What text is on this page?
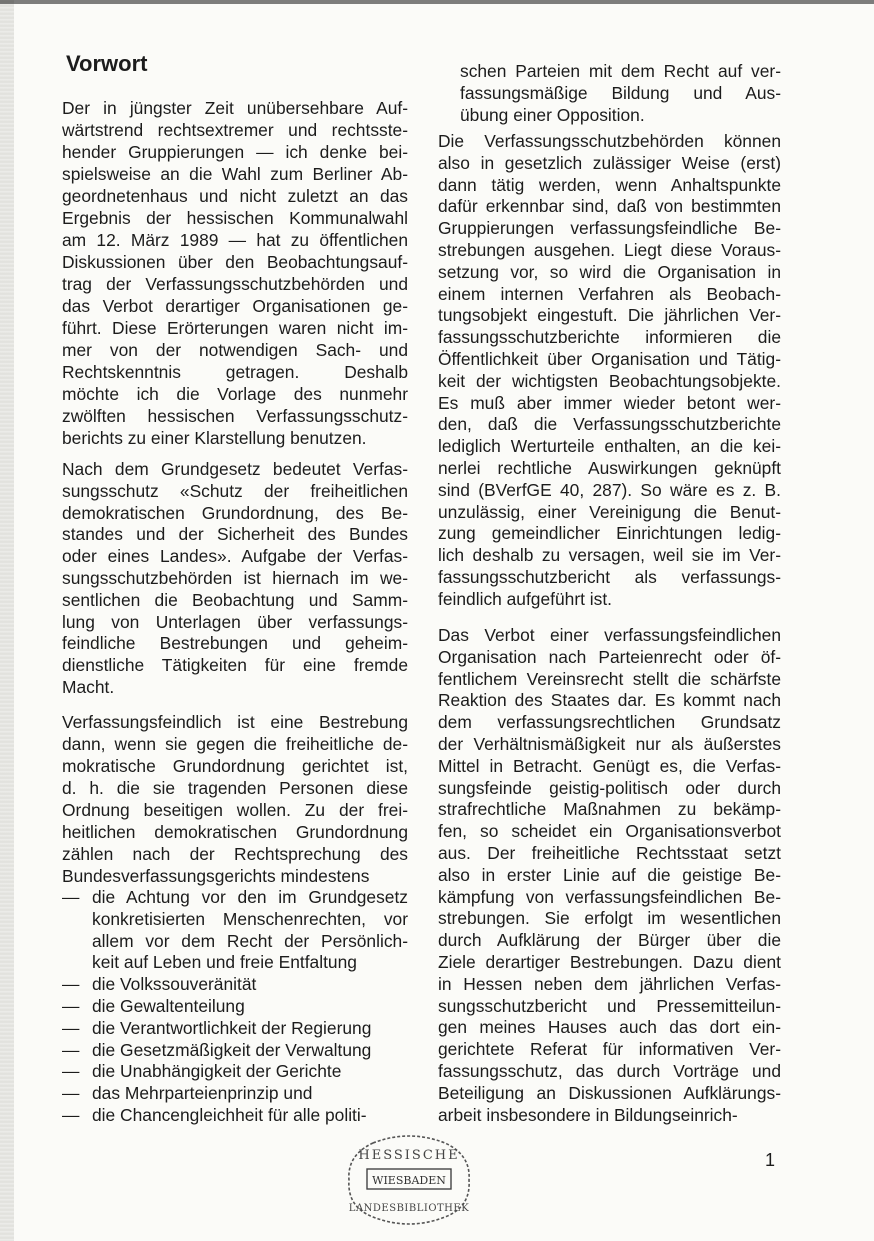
Vorwort
Der in jüngster Zeit unübersehbare Auf-
wärtstrend rechtsextremer und rechtsste-
hender Gruppierungen — ich denke bei-
spielsweise an die Wahl zum Berliner Ab-
geordnetenhaus und nicht zuletzt an das
Ergebnis der hessischen Kommunalwahl
am 12. März 1989 — hat zu öffentlichen
Diskussionen über den Beobachtungsauf-
trag der Verfassungsschutzbehörden und
das Verbot derartiger Organisationen ge-
führt. Diese Erörterungen waren nicht im-
mer von der notwendigen Sach- und
Rechtskenntnis getragen. Deshalb
möchte ich die Vorlage des nunmehr
zwölften hessischen Verfassungsschutz-
berichts zu einer Klarstellung benutzen.
Nach dem Grundgesetz bedeutet Verfas-
sungsschutz «Schutz der freiheitlichen
demokratischen Grundordnung, des Be-
standes und der Sicherheit des Bundes
oder eines Landes». Aufgabe der Verfas-
sungsschutzbehörden ist hiernach im we-
sentlichen die Beobachtung und Samm-
lung von Unterlagen über verfassungs-
feindliche Bestrebungen und geheim-
dienstliche Tätigkeiten für eine fremde
Macht.
Verfassungsfeindlich ist eine Bestrebung
dann, wenn sie gegen die freiheitliche de-
mokratische Grundordnung gerichtet ist,
d. h. die sie tragenden Personen diese
Ordnung beseitigen wollen. Zu der frei-
heitlichen demokratischen Grundordnung
zählen nach der Rechtsprechung des
Bundesverfassungsgerichts mindestens
— die Achtung vor den im Grundgesetz
konkretisierten Menschenrechten, vor
allem vor dem Recht der Persönlich-
keit auf Leben und freie Entfaltung
— die Volkssouveränität
— die Gewaltenteilung
— die Verantwortlichkeit der Regierung
— die Gesetzmäßigkeit der Verwaltung
— die Unabhängigkeit der Gerichte
— das Mehrparteienprinzip und
— die Chancengleichheit für alle politi-
schen Parteien mit dem Recht auf ver-
fassungsmäßige Bildung und Aus-
übung einer Opposition.
Die Verfassungsschutzbehörden können
also in gesetzlich zulässiger Weise (erst)
dann tätig werden, wenn Anhaltspunkte
dafür erkennbar sind, daß von bestimmten
Gruppierungen verfassungsfeindliche Be-
strebungen ausgehen. Liegt diese Voraus-
setzung vor, so wird die Organisation in
einem internen Verfahren als Beobach-
tungsobjekt eingestuft. Die jährlichen Ver-
fassungsschutzberichte informieren die
Öffentlichkeit über Organisation und Tätig-
keit der wichtigsten Beobachtungsobjekte.
Es muß aber immer wieder betont wer-
den, daß die Verfassungsschutzberichte
lediglich Werturteile enthalten, an die kei-
nerlei rechtliche Auswirkungen geknüpft
sind (BVerfGE 40, 287). So wäre es z. B.
unzulässig, einer Vereinigung die Benut-
zung gemeindlicher Einrichtungen ledig-
lich deshalb zu versagen, weil sie im Ver-
fassungsschutzbericht als verfassungs-
feindlich aufgeführt ist.
Das Verbot einer verfassungsfeindlichen
Organisation nach Parteienrecht oder öf-
fentlichem Vereinsrecht stellt die schärfste
Reaktion des Staates dar. Es kommt nach
dem verfassungsrechtlichen Grundsatz
der Verhältnismäßigkeit nur als äußerstes
Mittel in Betracht. Genügt es, die Verfas-
sungsfeinde geistig-politisch oder durch
strafrechtliche Maßnahmen zu bekämp-
fen, so scheidet ein Organisationsverbot
aus. Der freiheitliche Rechtsstaat setzt
also in erster Linie auf die geistige Be-
kämpfung von verfassungsfeindlichen Be-
strebungen. Sie erfolgt im wesentlichen
durch Aufklärung der Bürger über die
Ziele derartiger Bestrebungen. Dazu dient
in Hessen neben dem jährlichen Verfas-
sungsschutzbericht und Pressemitteilun-
gen meines Hauses auch das dort ein-
gerichtete Referat für informativen Ver-
fassungsschutz, das durch Vorträge und
Beteiligung an Diskussionen Aufklärungs-
arbeit insbesondere in Bildungseinrich-
HESSISCHE
WIESBADEN
LANDESBIBLIOTHEK
1
